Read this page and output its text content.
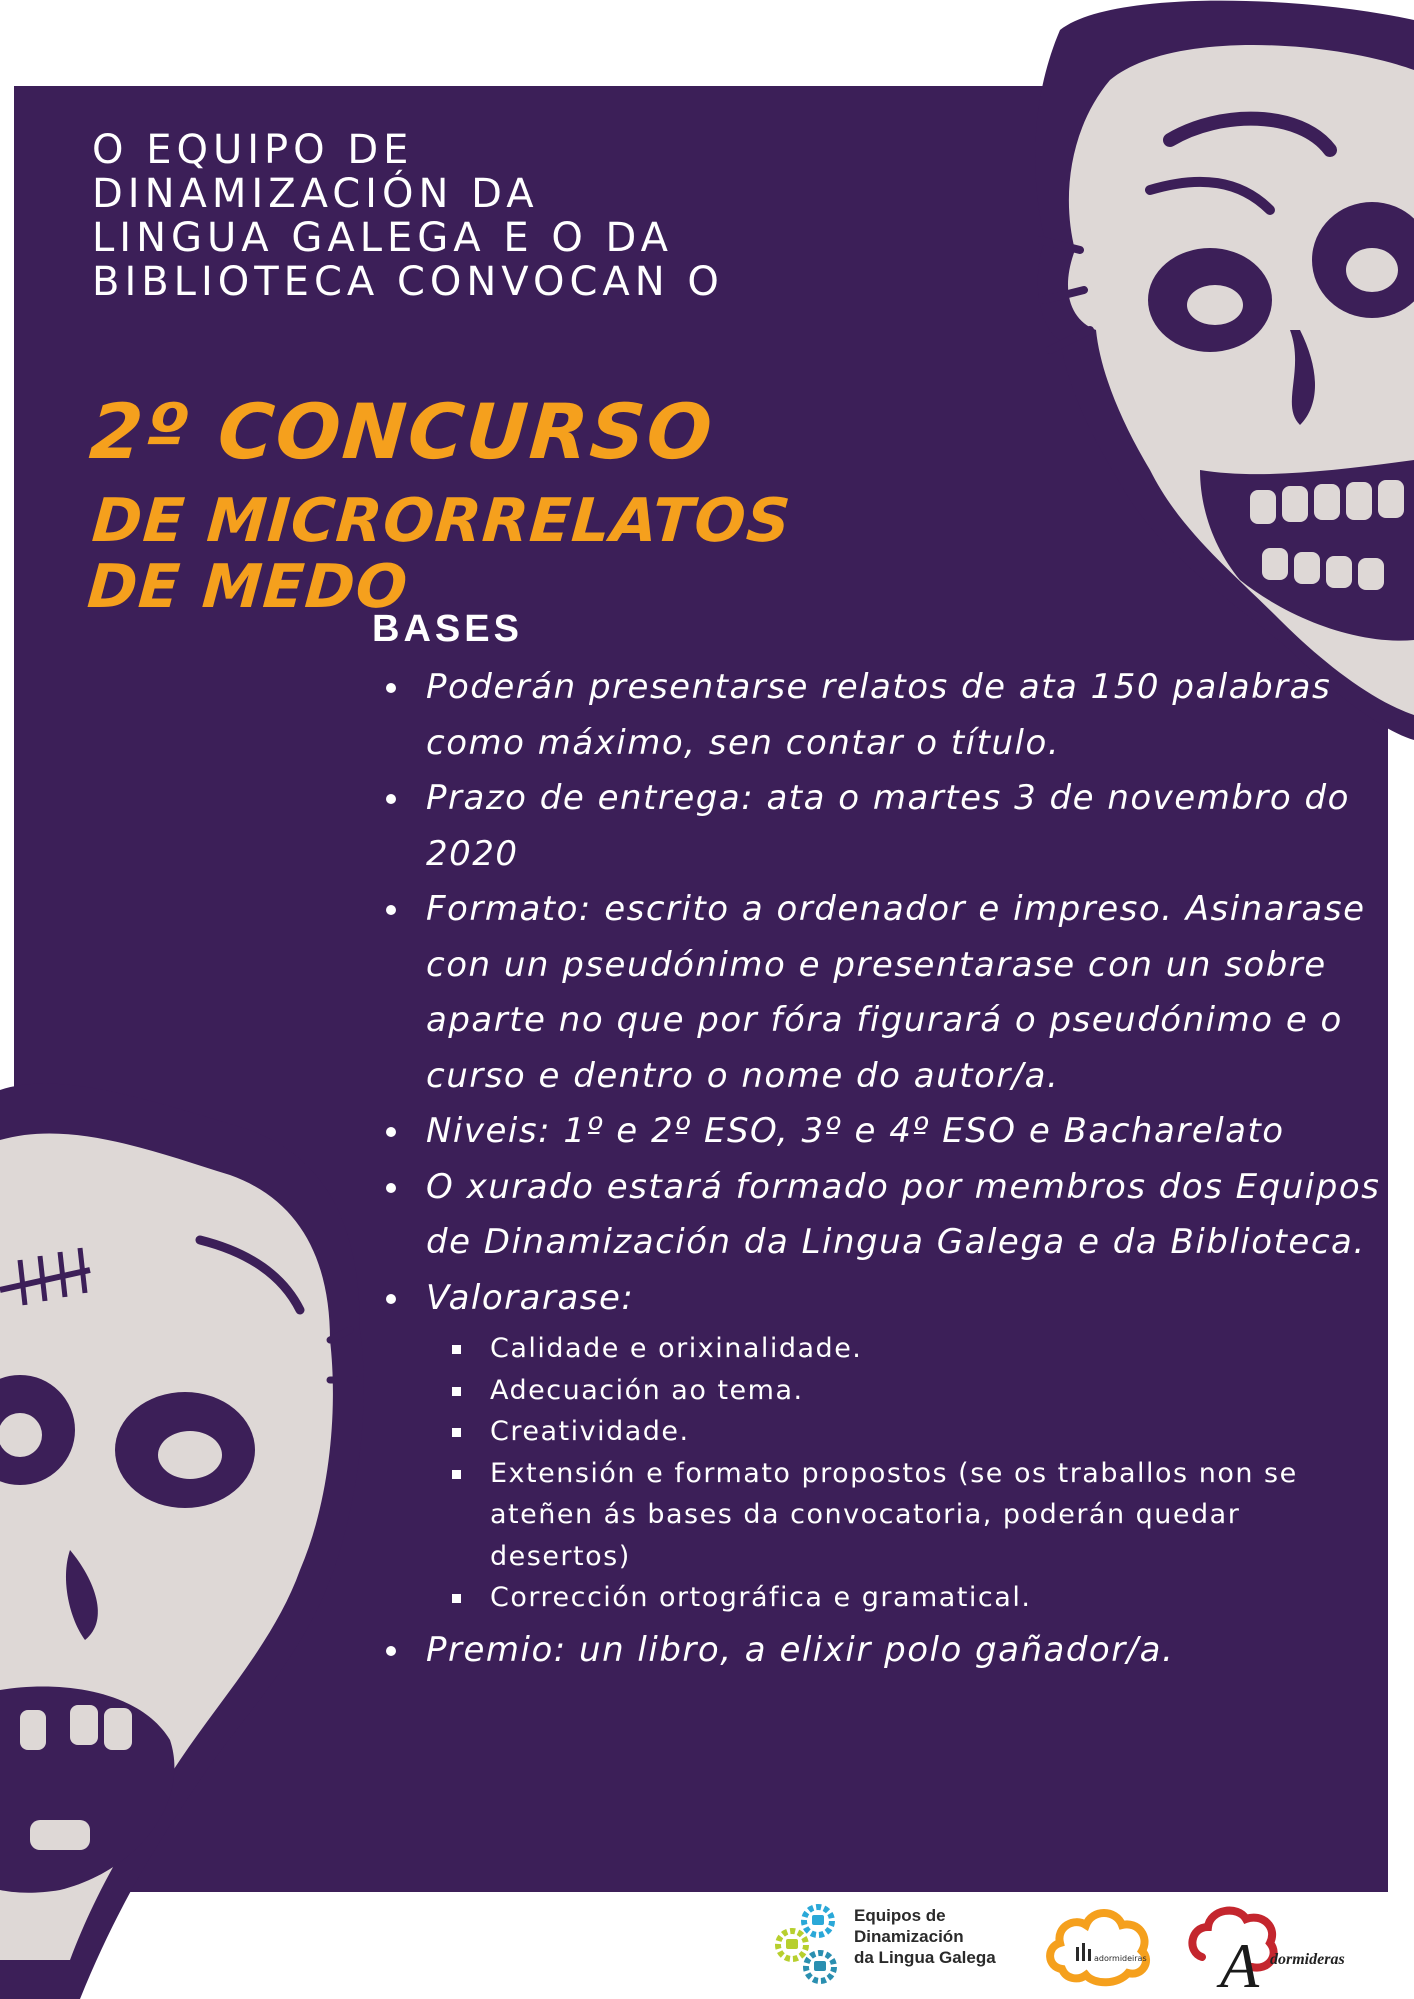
O EQUIPO DE DINAMIZACIÓN DA LINGUA GALEGA E O DA BIBLIOTECA CONVOCAN O

2º CONCURSO
DE MICRORRELATOS DE MEDO
BASES
Poderán presentarse relatos de ata 150 palabras como máximo, sen contar o título.
Prazo de entrega: ata o martes 3 de novembro do 2020
Formato: escrito a ordenador e impreso. Asinarase con un pseudónimo e presentarase con un sobre aparte no que por fóra figurará o pseudónimo e o curso e dentro o nome do autor/a.
Niveis: 1º e 2º ESO, 3º e 4º ESO e Bacharelato
O xurado estará formado por membros dos Equipos de Dinamización da Lingua Galega e da Biblioteca.
Valorarase:
Calidade e orixinalidade.
Adecuación ao tema.
Creatividade.
Extensión e formato propostos (se os traballos non se ateñen ás bases da convocatoria, poderán quedar desertos)
Corrección ortográfica e gramatical.
Premio: un libro, a elixir polo gañador/a.
Equipos de
Dinamización
da Lingua Galega	adormideiras A dormideras
